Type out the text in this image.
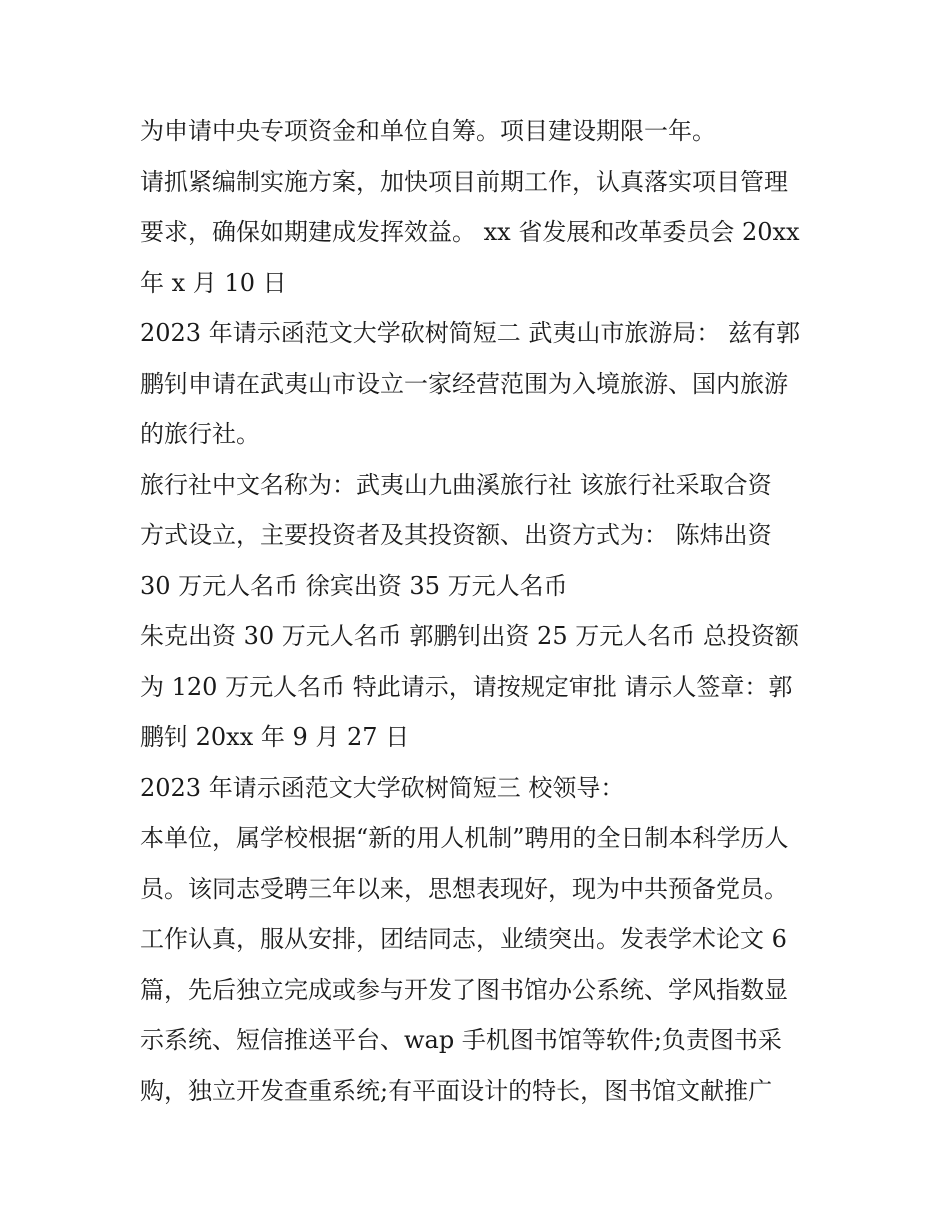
为申请中央专项资金和单位自筹。项目建设期限一年。
请抓紧编制实施方案，加快项目前期工作，认真落实项目管理
要求，确保如期建成发挥效益。 xx 省发展和改革委员会 20xx
年 x 月 10 日
2023 年请示函范文大学砍树简短二 武夷山市旅游局： 兹有郭
鹏钊申请在武夷山市设立一家经营范围为入境旅游、国内旅游
的旅行社。
旅行社中文名称为：武夷山九曲溪旅行社 该旅行社采取合资
方式设立，主要投资者及其投资额、出资方式为： 陈炜出资
30 万元人名币 徐宾出资 35 万元人名币
朱克出资 30 万元人名币 郭鹏钊出资 25 万元人名币 总投资额
为 120 万元人名币 特此请示，请按规定审批 请示人签章：郭
鹏钊 20xx 年 9 月 27 日
2023 年请示函范文大学砍树简短三 校领导：
本单位，属学校根据“新的用人机制”聘用的全日制本科学历人
员。该同志受聘三年以来，思想表现好，现为中共预备党员。
工作认真，服从安排，团结同志，业绩突出。发表学术论文 6
篇，先后独立完成或参与开发了图书馆办公系统、学风指数显
示系统、短信推送平台、wap 手机图书馆等软件;负责图书采
购，独立开发查重系统;有平面设计的特长，图书馆文献推广
